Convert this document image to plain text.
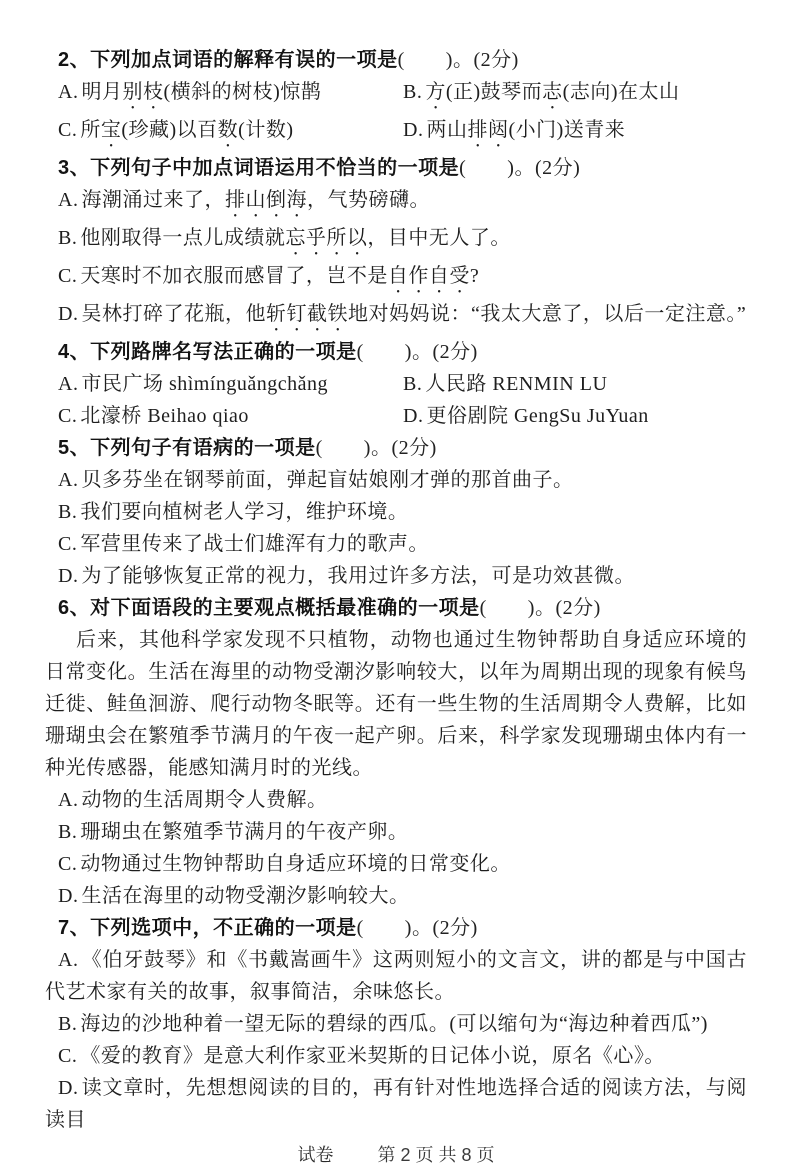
2、下列加点词语的解释有误的一项是(　　)。(2分)
A. 明月别枝(横斜的树枝)惊鹊	B. 方(正)鼓琴而志(志向)在太山
C. 所宝(珍藏)以百数(计数)	D. 两山排闼(小门)送青来
3、下列句子中加点词语运用不恰当的一项是(　　)。(2分)
A. 海潮涌过来了，排山倒海，气势磅礴。
B. 他刚取得一点儿成绩就忘乎所以，目中无人了。
C. 天寒时不加衣服而感冒了，岂不是自作自受?
D. 吴林打碎了花瓶，他斩钉截铁地对妈妈说：“我太大意了，以后一定注意。”
4、下列路牌名写法正确的一项是(　　)。(2分)
A. 市民广场 shìmínguǎngchǎng	B. 人民路 RENMIN LU
C. 北濠桥 Beihao qiao	D. 更俗剧院 GengSu JuYuan
5、下列句子有语病的一项是(　　)。(2分)
A. 贝多芬坐在钢琴前面，弹起盲姑娘刚才弹的那首曲子。
B. 我们要向植树老人学习，维护环境。
C. 军营里传来了战士们雄浑有力的歌声。
D. 为了能够恢复正常的视力，我用过许多方法，可是功效甚微。
6、对下面语段的主要观点概括最准确的一项是(　　)。(2分)
后来，其他科学家发现不只植物，动物也通过生物钟帮助自身适应环境的日常变化。生活在海里的动物受潮汐影响较大，以年为周期出现的现象有候鸟迁徙、鲑鱼洄游、爬行动物冬眠等。还有一些生物的生活周期令人费解，比如珊瑚虫会在繁殖季节满月的午夜一起产卵。后来，科学家发现珊瑚虫体内有一种光传感器，能感知满月时的光线。
A. 动物的生活周期令人费解。
B. 珊瑚虫在繁殖季节满月的午夜产卵。
C. 动物通过生物钟帮助自身适应环境的日常变化。
D. 生活在海里的动物受潮汐影响较大。
7、下列选项中，不正确的一项是(　　)。(2分)
A. 《伯牙鼓琴》和《书戴嵩画牛》这两则短小的文言文，讲的都是与中国古代艺术家有关的故事，叙事简洁，余味悠长。
B. 海边的沙地种着一望无际的碧绿的西瓜。(可以缩句为“海边种着西瓜”)
C. 《爱的教育》是意大利作家亚米契斯的日记体小说，原名《心》。
D. 读文章时，先想想阅读的目的，再有针对性地选择合适的阅读方法，与阅读目
试卷 第 2 页 共 8 页
